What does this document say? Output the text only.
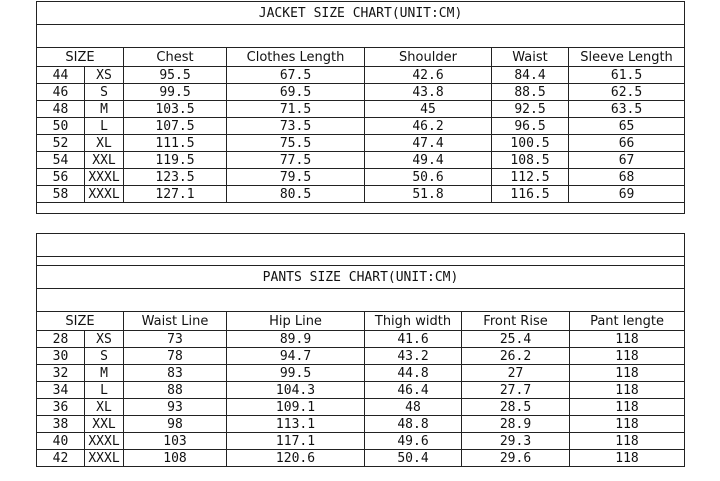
JACKET SIZE CHART(UNIT:CM)						

SIZE		Chest	Clothes Length	Shoulder	Waist	Sleeve Length
44	XS	95.5	67.5	42.6	84.4	61.5
46	S	99.5	69.5	43.8	88.5	62.5
48	M	103.5	71.5	45	92.5	63.5
50	L	107.5	73.5	46.2	96.5	65
52	XL	111.5	75.5	47.4	100.5	66
54	XXL	119.5	77.5	49.4	108.5	67
56	XXXL	123.5	79.5	50.6	112.5	68
58	XXXL	127.1	80.5	51.8	116.5	69

PANTS SIZE CHART(UNIT:CM)						

SIZE		Waist Line	Hip Line	Thigh width	Front Rise	Pant lengte
28	XS	73	89.9	41.6	25.4	118
30	S	78	94.7	43.2	26.2	118
32	M	83	99.5	44.8	27	118
34	L	88	104.3	46.4	27.7	118
36	XL	93	109.1	48	28.5	118
38	XXL	98	113.1	48.8	28.9	118
40	XXXL	103	117.1	49.6	29.3	118
42	XXXL	108	120.6	50.4	29.6	118
